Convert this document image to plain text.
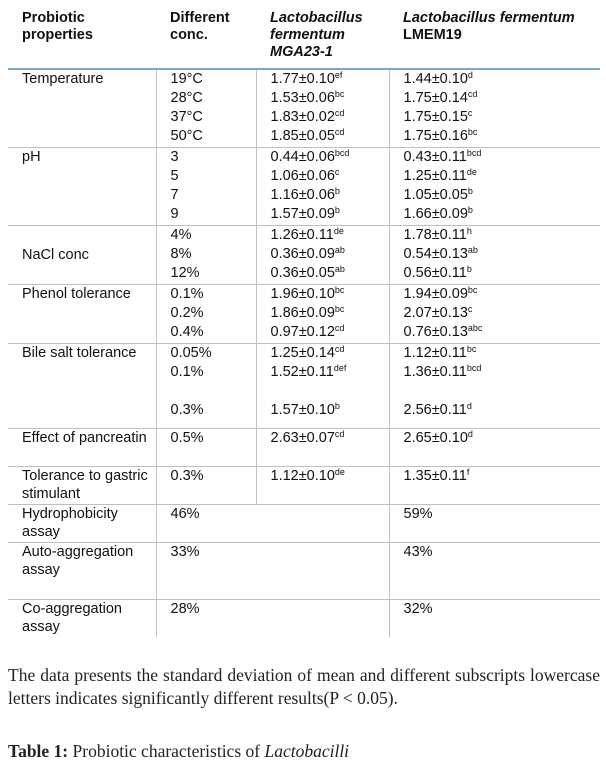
Probiotic properties	Different conc.	Lactobacillus fermentum MGA23-1	Lactobacillus fermentum LMEM19
Temperature	19°C	1.77±0.10$^{ef}$	1.44±0.10$^d$
	28°C	1.53±0.06$^{bc}$	1.75±0.14$^{cd}$
	37°C	1.83±0.02$^{cd}$	1.75±0.15$^c$
	50°C	1.85±0.05$^{cd}$	1.75±0.16$^{bc}$
pH	3	0.44±0.06$^{bcd}$	0.43±0.11$^{bcd}$
	5	1.06±0.06$^c$	1.25±0.11de
	7	1.16±0.06$^b$	1.05±0.05$^b$
	9	1.57±0.09$^b$	1.66±0.09$^b$
NaCl conc	4%	1.26±0.11de	1.78±0.11$^h$
	8%	0.36±0.09$^{ab}$	0.54±0.13$^{ab}$
	12%	0.36±0.05$^{ab}$	0.56±0.11$^b$
Phenol tolerance	0.1%	1.96±0.10$^{bc}$	1.94±0.09$^{bc}$
	0.2%	1.86±0.09$^{bc}$	2.07±0.13$^c$
	0.4%	0.97±0.12$^{cd}$	0.76±0.13$^{abc}$
Bile salt tolerance	0.05%	1.25±0.14$^{cd}$	1.12±0.11$^{bc}$
	0.1%	1.52±0.11$^{def}$	1.36±0.11$^{bcd}$
	0.3%	1.57±0.10$^b$	2.56±0.11$^d$
Effect of pancreatin	0.5%	2.63±0.07$^{cd}$	2.65±0.10$^d$
Tolerance to gastric stimulant	0.3%	1.12±0.10de	1.35±0.11$^f$
Hydrophobicity assay	46%		59%
Auto-aggregation assay	33%		43%
Co-aggregation assay	28%		32%

The data presents the standard deviation of mean and different subscripts lowercase letters indicates significantly different results(P < 0.05).

Table 1: Probiotic characteristics of Lactobacilli
